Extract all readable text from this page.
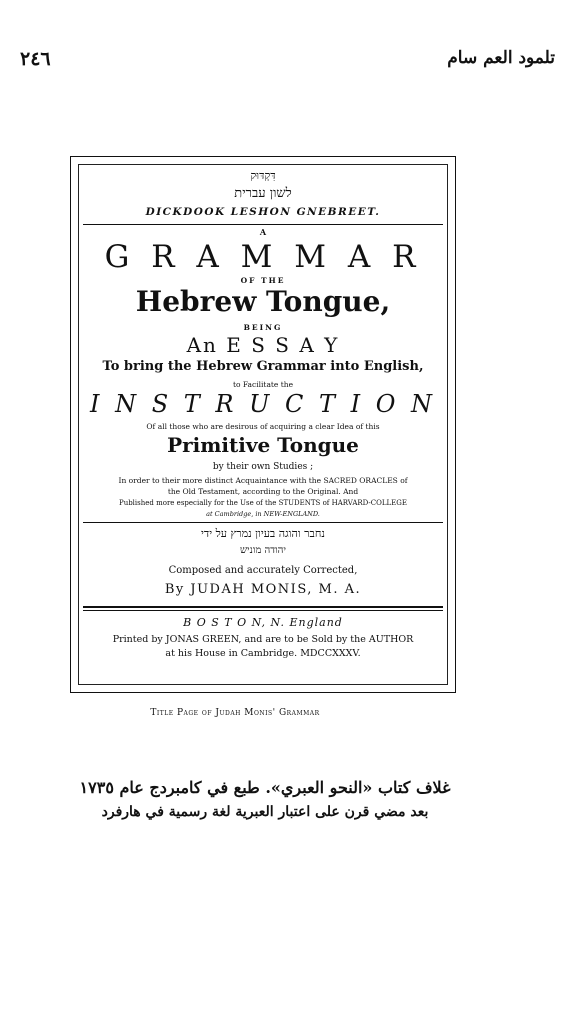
٢٤٦	تلمود العم سام
דִּקְדּוּק
לשון עברית
DICKDOOK LESHON GNEBREET.
A
G R A M M A R
OF THE
Hebrew Tongue,
BEING
An E S S A Y
To bring the Hebrew Grammar into English,
to Facilitate the
I N S T R U C T I O N
Of all those who are desirous of acquiring a clear Idea of this
Primitive Tongue
by their own Studies ;
In order to their more distinct Acquaintance with the SACRED ORACLES of
the Old Testament, according to the Original. And
Published more especially for the Use of the STUDENTS of HARVARD-COLLEGE
at Cambridge, in NEW-ENGLAND.
נחבר והוגה בעיון נמרץ על ידי
יהודה מוניש
Composed and accurately Corrected,
By JUDAH MONIS, M. A.
B O S T O N, N. England
Printed by JONAS GREEN, and are to be Sold by the AUTHOR
at his House in Cambridge. MDCCXXXV.
Title Page of Judah Monis' Grammar
غلاف كتاب «النحو العبري». طبع في كامبردج عام ١٧٣٥
بعد مضي قرن على اعتبار العبرية لغة رسمية في هارفرد
